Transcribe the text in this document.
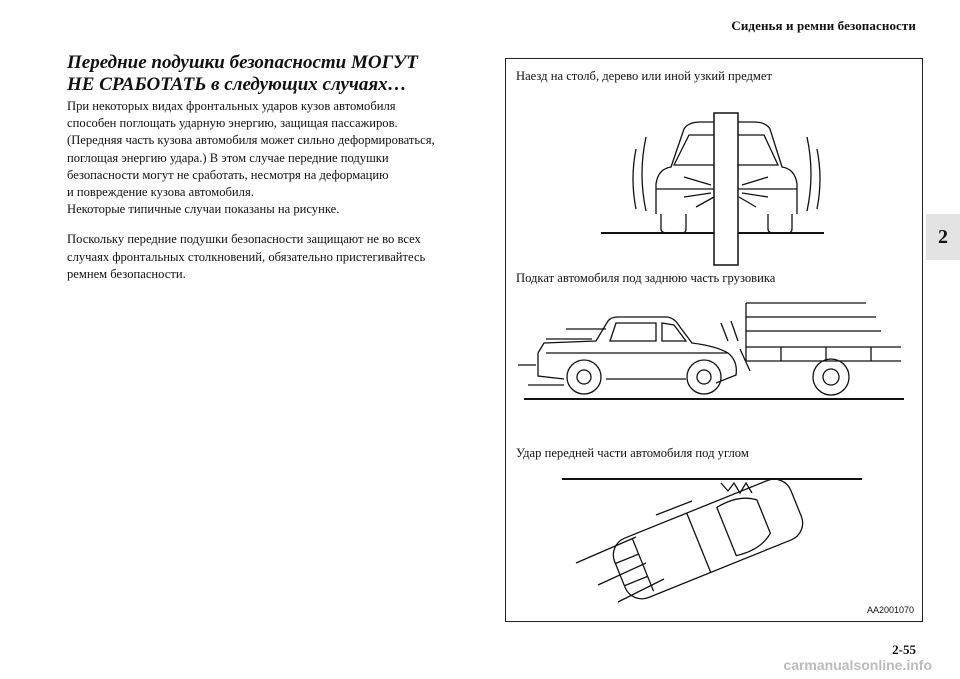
Сиденья и ремни безопасности
2
Передние подушки безопасности МОГУТ
НЕ СРАБОТАТЬ в следующих случаях…

При некоторых видах фронтальных ударов кузов автомобиля
способен поглощать ударную энергию, защищая пассажиров.
(Передняя часть кузова автомобиля может сильно деформироваться,
поглощая энергию удара.) В этом случае передние подушки
безопасности могут не сработать, несмотря на деформацию
и повреждение кузова автомобиля.
Некоторые типичные случаи показаны на рисунке.

Поскольку передние подушки безопасности защищают не во всех
случаях фронтальных столкновений, обязательно пристегивайтесь
ремнем безопасности.

Наезд на столб, дерево или иной узкий предмет
Подкат автомобиля под заднюю часть грузовика
Удар передней части автомобиля под углом
AA2001070
2-55
carmanualsonline.info
